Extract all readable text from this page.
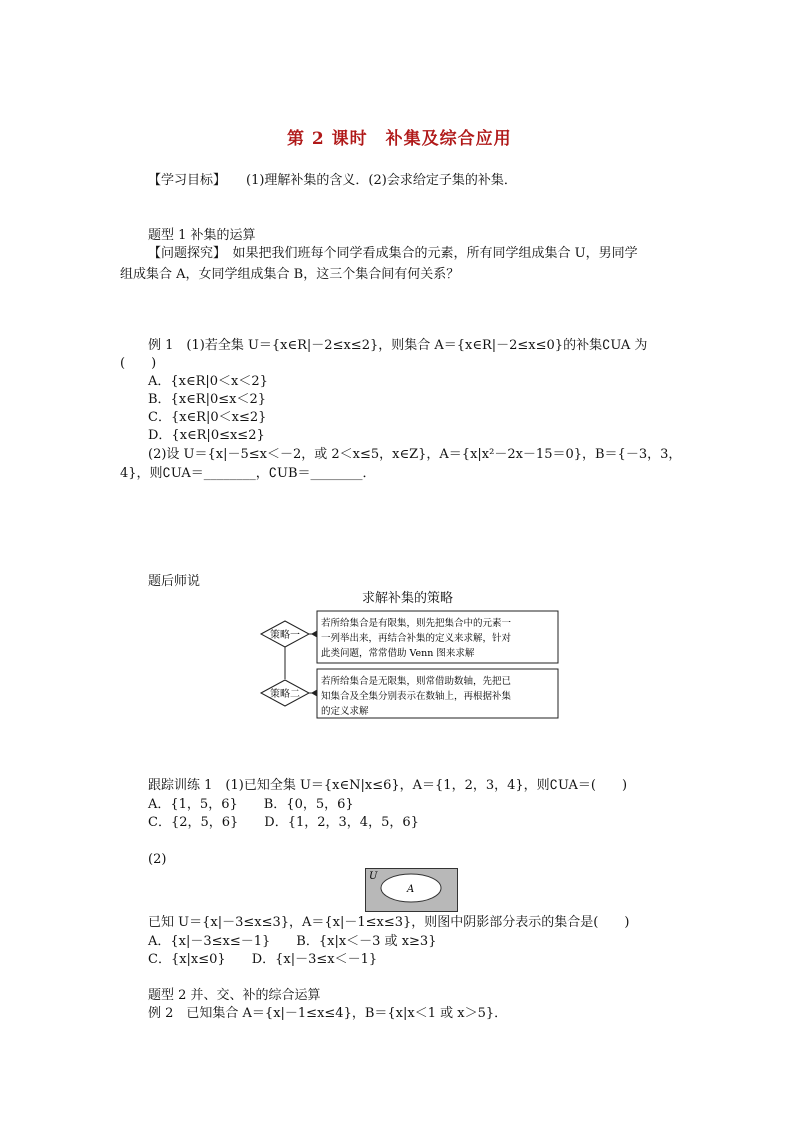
第 2 课时　补集及综合应用
【学习目标】 (1)理解补集的含义．(2)会求给定子集的补集．
题型 1 补集的运算
【问题探究】　如果把我们班每个同学看成集合的元素，所有同学组成集合 U，男同学
组成集合 A，女同学组成集合 B，这三个集合间有何关系？
例 1　(1)若全集 U＝{x∈R|－2≤x≤2}，则集合 A＝{x∈R|－2≤x≤0}的补集∁UA 为
(　　)
A．{x∈R|0＜x＜2}
B．{x∈R|0≤x＜2}
C．{x∈R|0＜x≤2}
D．{x∈R|0≤x≤2}
(2)设 U＝{x|－5≤x＜－2，或 2＜x≤5，x∈Z}，A＝{x|x²－2x－15＝0}，B＝{－3，3，
4}，则∁UA＝________，∁UB＝________．
题后师说
求解补集的策略
策略一
若所给集合是有限集，则先把集合中的元素一
一列举出来，再结合补集的定义来求解，针对
此类问题，常常借助 Venn 图来求解
策略二
若所给集合是无限集，则常借助数轴，先把已
知集合及全集分别表示在数轴上，再根据补集
的定义求解
跟踪训练 1　(1)已知全集 U＝{x∈N|x≤6}，A＝{1，2，3，4}，则∁UA＝(　　)
A．{1，5，6}　　B．{0，5，6}
C．{2，5，6}　　D．{1，2，3，4，5，6}
(2)
U
A
已知 U＝{x|－3≤x≤3}，A＝{x|－1≤x≤3}，则图中阴影部分表示的集合是(　　)
A．{x|－3≤x≤－1}　　B．{x|x＜－3 或 x≥3}
C．{x|x≤0}　　D．{x|－3≤x＜－1}
题型 2 并、交、补的综合运算
例 2　已知集合 A＝{x|－1≤x≤4}，B＝{x|x＜1 或 x＞5}．
